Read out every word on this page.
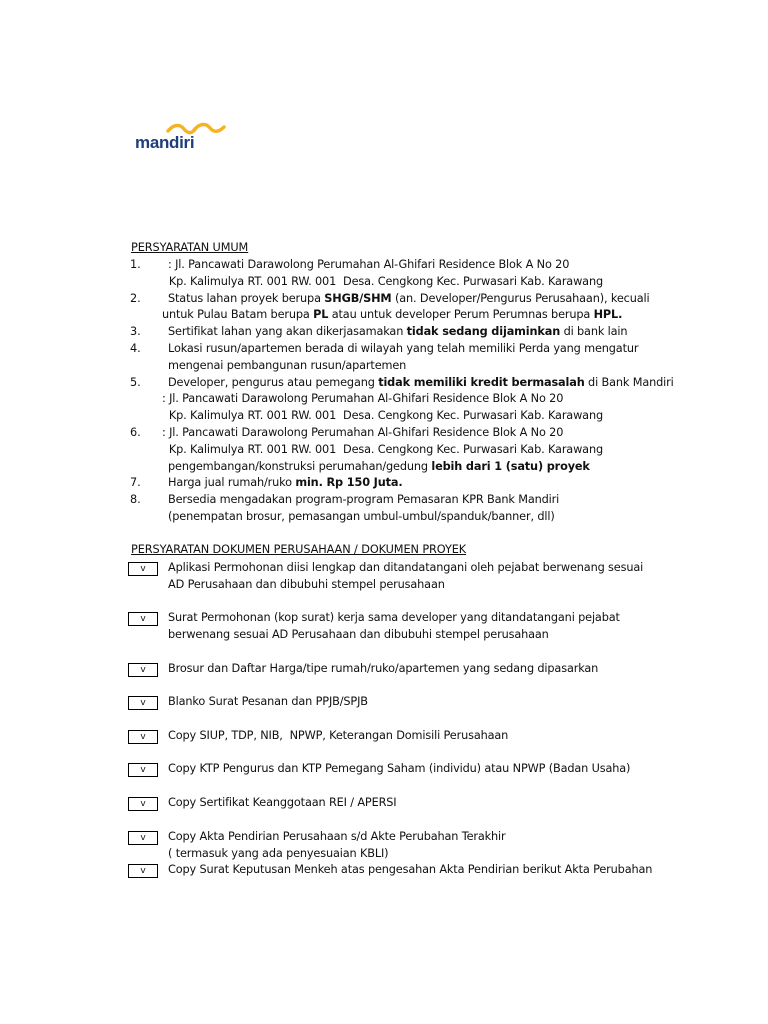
mandiri
PERSYARATAN UMUM
1. : Jl. Pancawati Darawolong Perumahan Al-Ghifari Residence Blok A No 20
Kp. Kalimulya RT. 001 RW. 001  Desa. Cengkong Kec. Purwasari Kab. Karawang
2. Status lahan proyek berupa SHGB/SHM (an. Developer/Pengurus Perusahaan), kecuali
untuk Pulau Batam berupa PL atau untuk developer Perum Perumnas berupa HPL.
3. Sertifikat lahan yang akan dikerjasamakan tidak sedang dijaminkan di bank lain
4. Lokasi rusun/apartemen berada di wilayah yang telah memiliki Perda yang mengatur
mengenai pembangunan rusun/apartemen
5. Developer, pengurus atau pemegang tidak memiliki kredit bermasalah di Bank Mandiri
: Jl. Pancawati Darawolong Perumahan Al-Ghifari Residence Blok A No 20
Kp. Kalimulya RT. 001 RW. 001  Desa. Cengkong Kec. Purwasari Kab. Karawang
6. : Jl. Pancawati Darawolong Perumahan Al-Ghifari Residence Blok A No 20
Kp. Kalimulya RT. 001 RW. 001  Desa. Cengkong Kec. Purwasari Kab. Karawang
pengembangan/konstruksi perumahan/gedung lebih dari 1 (satu) proyek
7. Harga jual rumah/ruko min. Rp 150 Juta.
8. Bersedia mengadakan program-program Pemasaran KPR Bank Mandiri
(penempatan brosur, pemasangan umbul-umbul/spanduk/banner, dll)
PERSYARATAN DOKUMEN PERUSAHAAN / DOKUMEN PROYEK
v	Aplikasi Permohonan diisi lengkap dan ditandatangani oleh pejabat berwenang sesuai
AD Perusahaan dan dibubuhi stempel perusahaan
v	Surat Permohonan (kop surat) kerja sama developer yang ditandatangani pejabat
berwenang sesuai AD Perusahaan dan dibubuhi stempel perusahaan
v	Brosur dan Daftar Harga/tipe rumah/ruko/apartemen yang sedang dipasarkan
v	Blanko Surat Pesanan dan PPJB/SPJB
v	Copy SIUP, TDP, NIB,  NPWP, Keterangan Domisili Perusahaan
v	Copy KTP Pengurus dan KTP Pemegang Saham (individu) atau NPWP (Badan Usaha)
v	Copy Sertifikat Keanggotaan REI / APERSI
v	Copy Akta Pendirian Perusahaan s/d Akte Perubahan Terakhir
( termasuk yang ada penyesuaian KBLI)
v	Copy Surat Keputusan Menkeh atas pengesahan Akta Pendirian berikut Akta Perubahan
